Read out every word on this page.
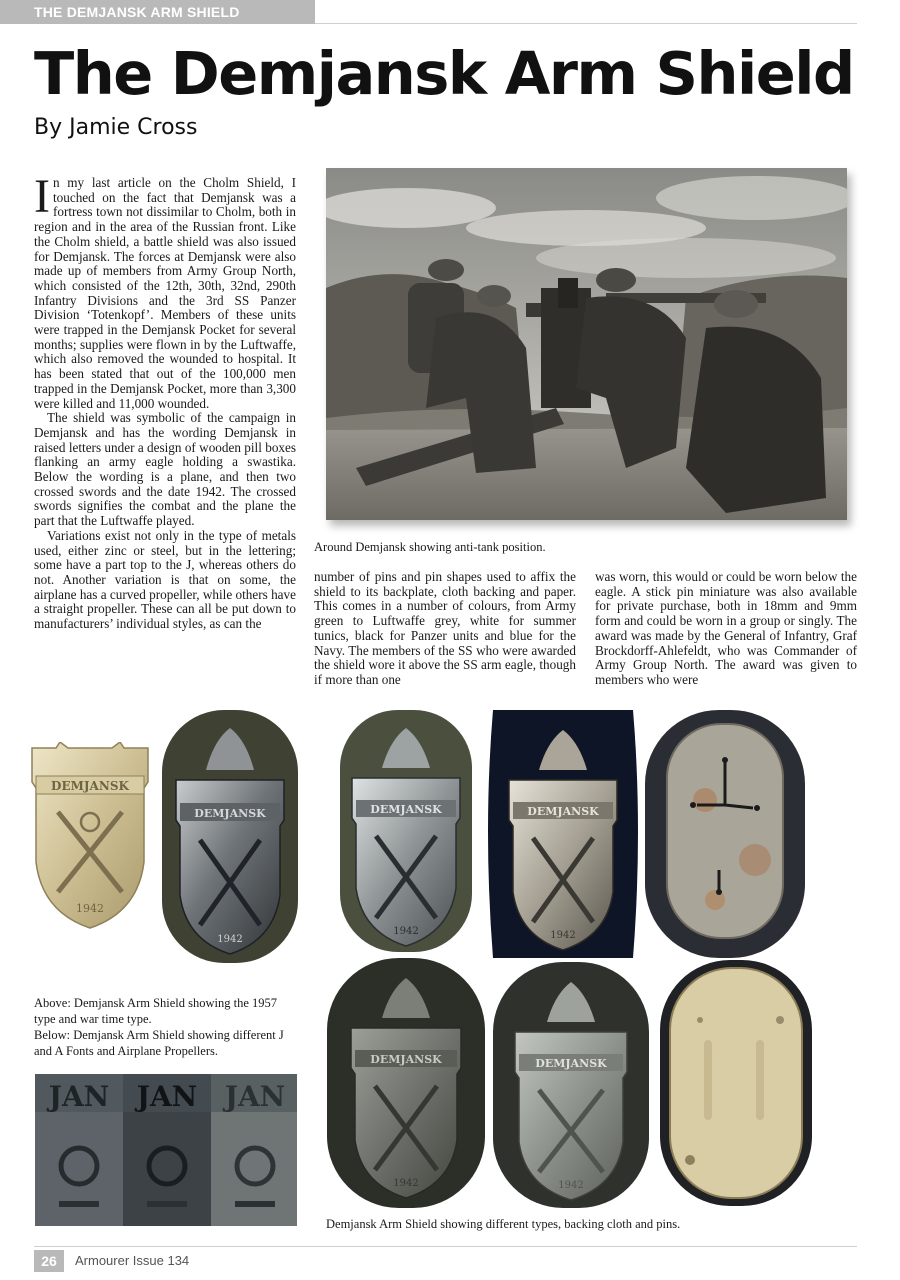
THE DEMJANSK ARM SHIELD
The Demjansk Arm Shield
By Jamie Cross

In my last article on the Cholm Shield, I touched on the fact that Demjansk was a fortress town not dissimilar to Cholm, both in region and in the area of the Russian front. Like the Cholm shield, a battle shield was also issued for Demjansk. The forces at Demjansk were also made up of members from Army Group North, which consisted of the 12th, 30th, 32nd, 290th Infantry Divisions and the 3rd SS Panzer Division ‘Totenkopf’. Members of these units were trapped in the Demjansk Pocket for several months; supplies were flown in by the Luftwaffe, which also removed the wounded to hospital. It has been stated that out of the 100,000 men trapped in the Demjansk Pocket, more than 3,300 were killed and 11,000 wounded.

The shield was symbolic of the campaign in Demjansk and has the wording Demjansk in raised letters under a design of wooden pill boxes flanking an army eagle holding a swastika. Below the wording is a plane, and then two crossed swords and the date 1942. The crossed swords signifies the combat and the plane the part that the Luftwaffe played.

Variations exist not only in the type of metals used, either zinc or steel, but in the lettering; some have a part top to the J, whereas others do not. Another variation is that on some, the airplane has a curved propeller, while others have a straight propeller. These can all be put down to manufacturers’ individual styles, as can the

Around Demjansk showing anti-tank position.

number of pins and pin shapes used to affix the shield to its backplate, cloth backing and paper. This comes in a number of colours, from Army green to Luftwaffe grey, white for summer tunics, black for Panzer units and blue for the Navy. The members of the SS who were awarded the shield wore it above the SS arm eagle, though if more than one

was worn, this would or could be worn below the eagle. A stick pin miniature was also available for private purchase, both in 18mm and 9mm form and could be worn in a group or singly. The award was made by the General of Infantry, Graf Brockdorff-Ahlefeldt, who was Commander of Army Group North. The award was given to members who were

DEMJANSK
1942
DEMJANSK
1942
DEMJANSK
1942
DEMJANSK
1942
Above: Demjansk Arm Shield showing the 1957 type and war time type.
Below: Demjansk Arm Shield showing different J and A Fonts and Airplane Propellers.
JAN JAN JAN
DEMJANSK
1942
DEMJANSK
1942
Demjansk Arm Shield showing different types, backing cloth and pins.
26	Armourer Issue 134
